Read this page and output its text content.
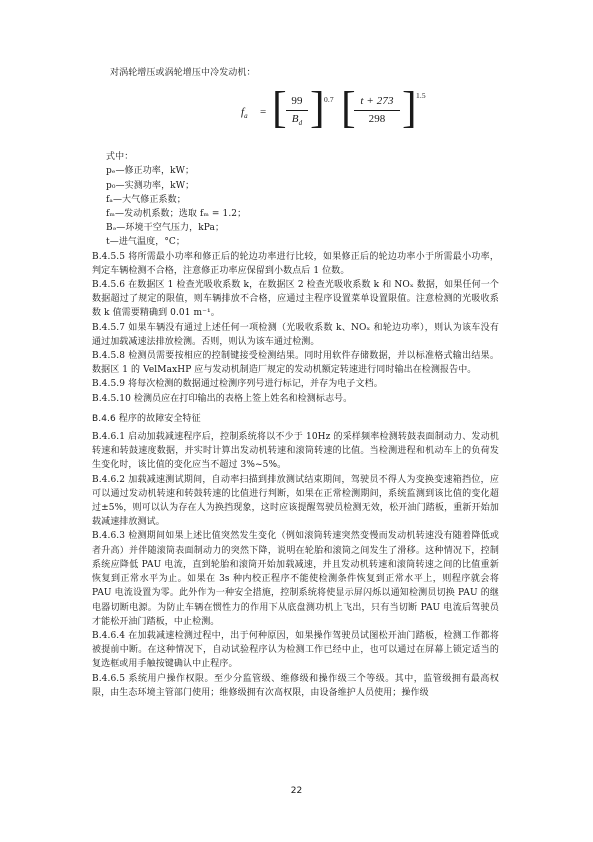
对涡轮增压或涡轮增压中冷发动机：

$f_a$ = [ 99
$B_d$ ] 0.7 [ t + 273
298 ] 1.5

式中：

pₑ—修正功率，kW；

p₀—实测功率，kW；

fₐ—大气修正系数；

fₘ—发动机系数；选取 fₘ = 1.2；

Bₔ—环境干空气压力，kPa；

t—进气温度，°C；

B.4.5.5 将所需最小功率和修正后的轮边功率进行比较，如果修正后的轮边功率小于所需最小功率，判定车辆检测不合格，注意修正功率应保留到小数点后 1 位数。

B.4.5.6 在数据区 1 检查光吸收系数 k，在数据区 2 检查光吸收系数 k 和 NOₓ 数据，如果任何一个数据超过了规定的限值，则车辆排放不合格，应通过主程序设置菜单设置限值。注意检测的光吸收系数 k 值需要精确到 0.01 m⁻¹。

B.4.5.7 如果车辆没有通过上述任何一项检测（光吸收系数 k、NOₓ 和轮边功率），则认为该车没有通过加载减速法排放检测。否则，则认为该车通过检测。

B.4.5.8 检测员需要按相应的控制键接受检测结果。同时用软件存储数据，并以标准格式输出结果。数据区 1 的 VelMaxHP 应与发动机制造厂规定的发动机额定转速进行同时输出在检测报告中。

B.4.5.9 将每次检测的数据通过检测序列号进行标记，并存为电子文档。

B.4.5.10 检测员应在打印输出的表格上签上姓名和检测标志号。

B.4.6 程序的故障安全特征

B.4.6.1 启动加载减速程序后，控制系统将以不少于 10Hz 的采样频率检测转鼓表面制动力、发动机转速和转鼓速度数据，并实时计算出发动机转速和滚筒转速的比值。当检测进程和机动车上的负荷发生变化时，该比值的变化应当不超过 3%~5%。

B.4.6.2 加载减速测试期间，自动率扫描到排放测试结束期间，驾驶员不得人为变换变速箱挡位，应可以通过发动机转速和转鼓转速的比值进行判断，如果在正常检测期间，系统监测到该比值的变化超过±5%，则可以认为存在人为换挡现象，这时应该提醒驾驶员检测无效，松开油门踏板，重新开始加载减速排放测试。

B.4.6.3 检测期间如果上述比值突然发生变化（例如滚筒转速突然变慢而发动机转速没有随着降低或者升高）并伴随滚筒表面制动力的突然下降，说明在轮胎和滚筒之间发生了滑移。这种情况下，控制系统应降低 PAU 电流，直到轮胎和滚筒开始加载减速，并且发动机转速和滚筒转速之间的比值重新恢复到正常水平为止。如果在 3s 种内校正程序不能使检测条件恢复到正常水平上，则程序就会将 PAU 电流设置为零。此外作为一种安全措施，控制系统将使显示屏闪烁以通知检测员切换 PAU 的继电器切断电源。为防止车辆在惯性力的作用下从底盘测功机上飞出，只有当切断 PAU 电流后驾驶员才能松开油门踏板，中止检测。

B.4.6.4 在加载减速检测过程中，出于何种原因，如果操作驾驶员试图松开油门踏板，检测工作都将被提前中断。在这种情况下，自动试验程序认为检测工作已经中止，也可以通过在屏幕上锁定适当的复选框或用手触按键确认中止程序。

B.4.6.5 系统用户操作权限。至少分监管级、维修级和操作级三个等级。其中，监管级拥有最高权限，由生态环境主管部门使用；维修级拥有次高权限，由设备维护人员使用；操作级

22
